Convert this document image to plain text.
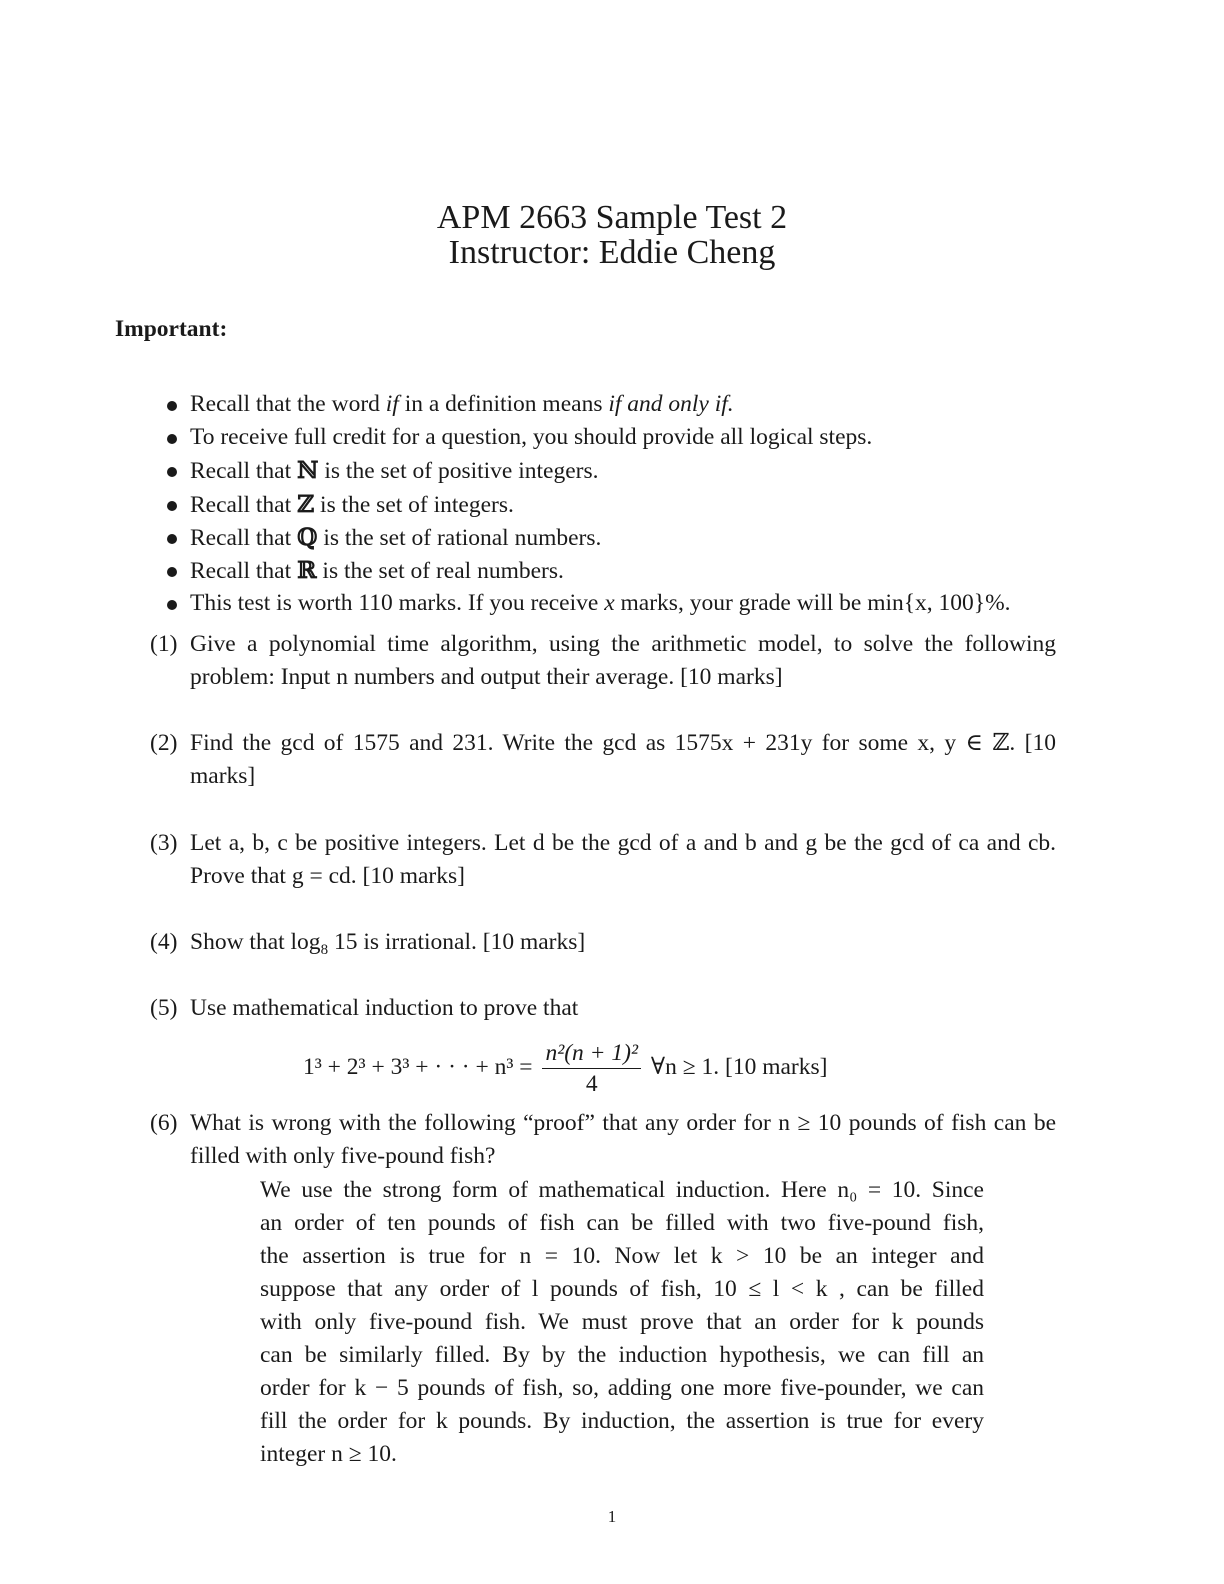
APM 2663 Sample Test 2
Instructor: Eddie Cheng
Important:
Recall that the word if in a definition means if and only if.
To receive full credit for a question, you should provide all logical steps.
Recall that ℕ is the set of positive integers.
Recall that ℤ is the set of integers.
Recall that ℚ is the set of rational numbers.
Recall that ℝ is the set of real numbers.
This test is worth 110 marks. If you receive x marks, your grade will be min{x, 100}%.
(1) Give a polynomial time algorithm, using the arithmetic model, to solve the following problem: Input n numbers and output their average. [10 marks]
(2) Find the gcd of 1575 and 231. Write the gcd as 1575x + 231y for some x, y ∈ ℤ. [10 marks]
(3) Let a, b, c be positive integers. Let d be the gcd of a and b and g be the gcd of ca and cb. Prove that g = cd. [10 marks]
(4) Show that $\log_8 15$ is irrational. [10 marks]
(5) Use mathematical induction to prove that
1³ + 2³ + 3³ + · · · + $n^3 = \frac{\text{n²(n + 1)²}}{4}$ ∀n ≥ 1. [10 marks]
(6) What is wrong with the following “proof” that any order for n ≥ 10 pounds of fish can be filled with only five-pound fish?
We use the strong form of mathematical induction. Here n₀ = 10. Since
an order of ten pounds of fish can be filled with two five-pound fish,
the assertion is true for n = 10. Now let k > 10 be an integer and
suppose that any order of l pounds of fish, 10 ≤ l < k , can be filled
with only five-pound fish. We must prove that an order for k pounds
can be similarly filled. By by the induction hypothesis, we can fill an
order for k − 5 pounds of fish, so, adding one more five-pounder, we can
fill the order for k pounds. By induction, the assertion is true for every
integer n ≥ 10.
1
